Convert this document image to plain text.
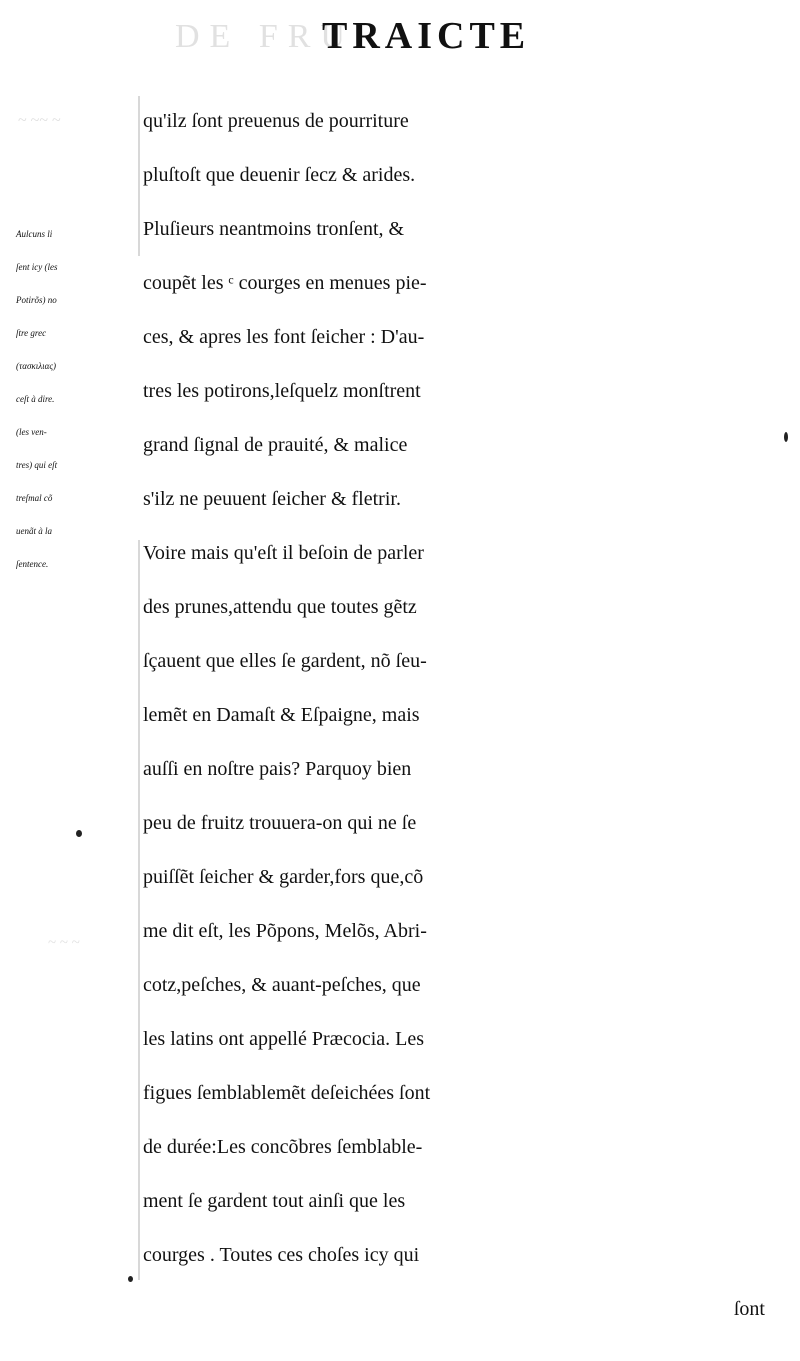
DE FRUI
~ ~~ ~
~ ~ ~
TRAICTE
Aulcuns li
ſent icy (les
Potirõs) no
ſtre grec
(τασκιλιας)
ceſt à dire.
(les ven-
tres) qui eſt
treſmal cõ
uenãt à la
ſentence.
qu'ilz ſont preuenus de pourriture
pluſtoſt que deuenir ſecz & arides.
Pluſieurs neantmoins tronſent, &
coupẽt les ᶜ courges en menues pie-
ces, & apres les font ſeicher : D'au-
tres les potirons,leſquelz monſtrent
grand ſignal de prauité, & malice
s'ilz ne peuuent ſeicher & fletrir.
Voire mais qu'eſt il beſoin de parler
des prunes,attendu que toutes gẽtz
ſçauent que elles ſe gardent, nõ ſeu-
lemẽt en Damaſt & Eſpaigne, mais
auſſi en noſtre pais? Parquoy bien
peu de fruitz trouuera-on qui ne ſe
puiſſẽt ſeicher & garder,fors que,cõ
me dit eſt, les Põpons, Melõs, Abri-
cotz,peſches, & auant-peſches, que
les latins ont appellé Præcocia. Les
figues ſemblablemẽt deſeichées ſont
de durée:Les concõbres ſemblable-
ment ſe gardent tout ainſi que les
courges . Toutes ces choſes icy qui
ſont
